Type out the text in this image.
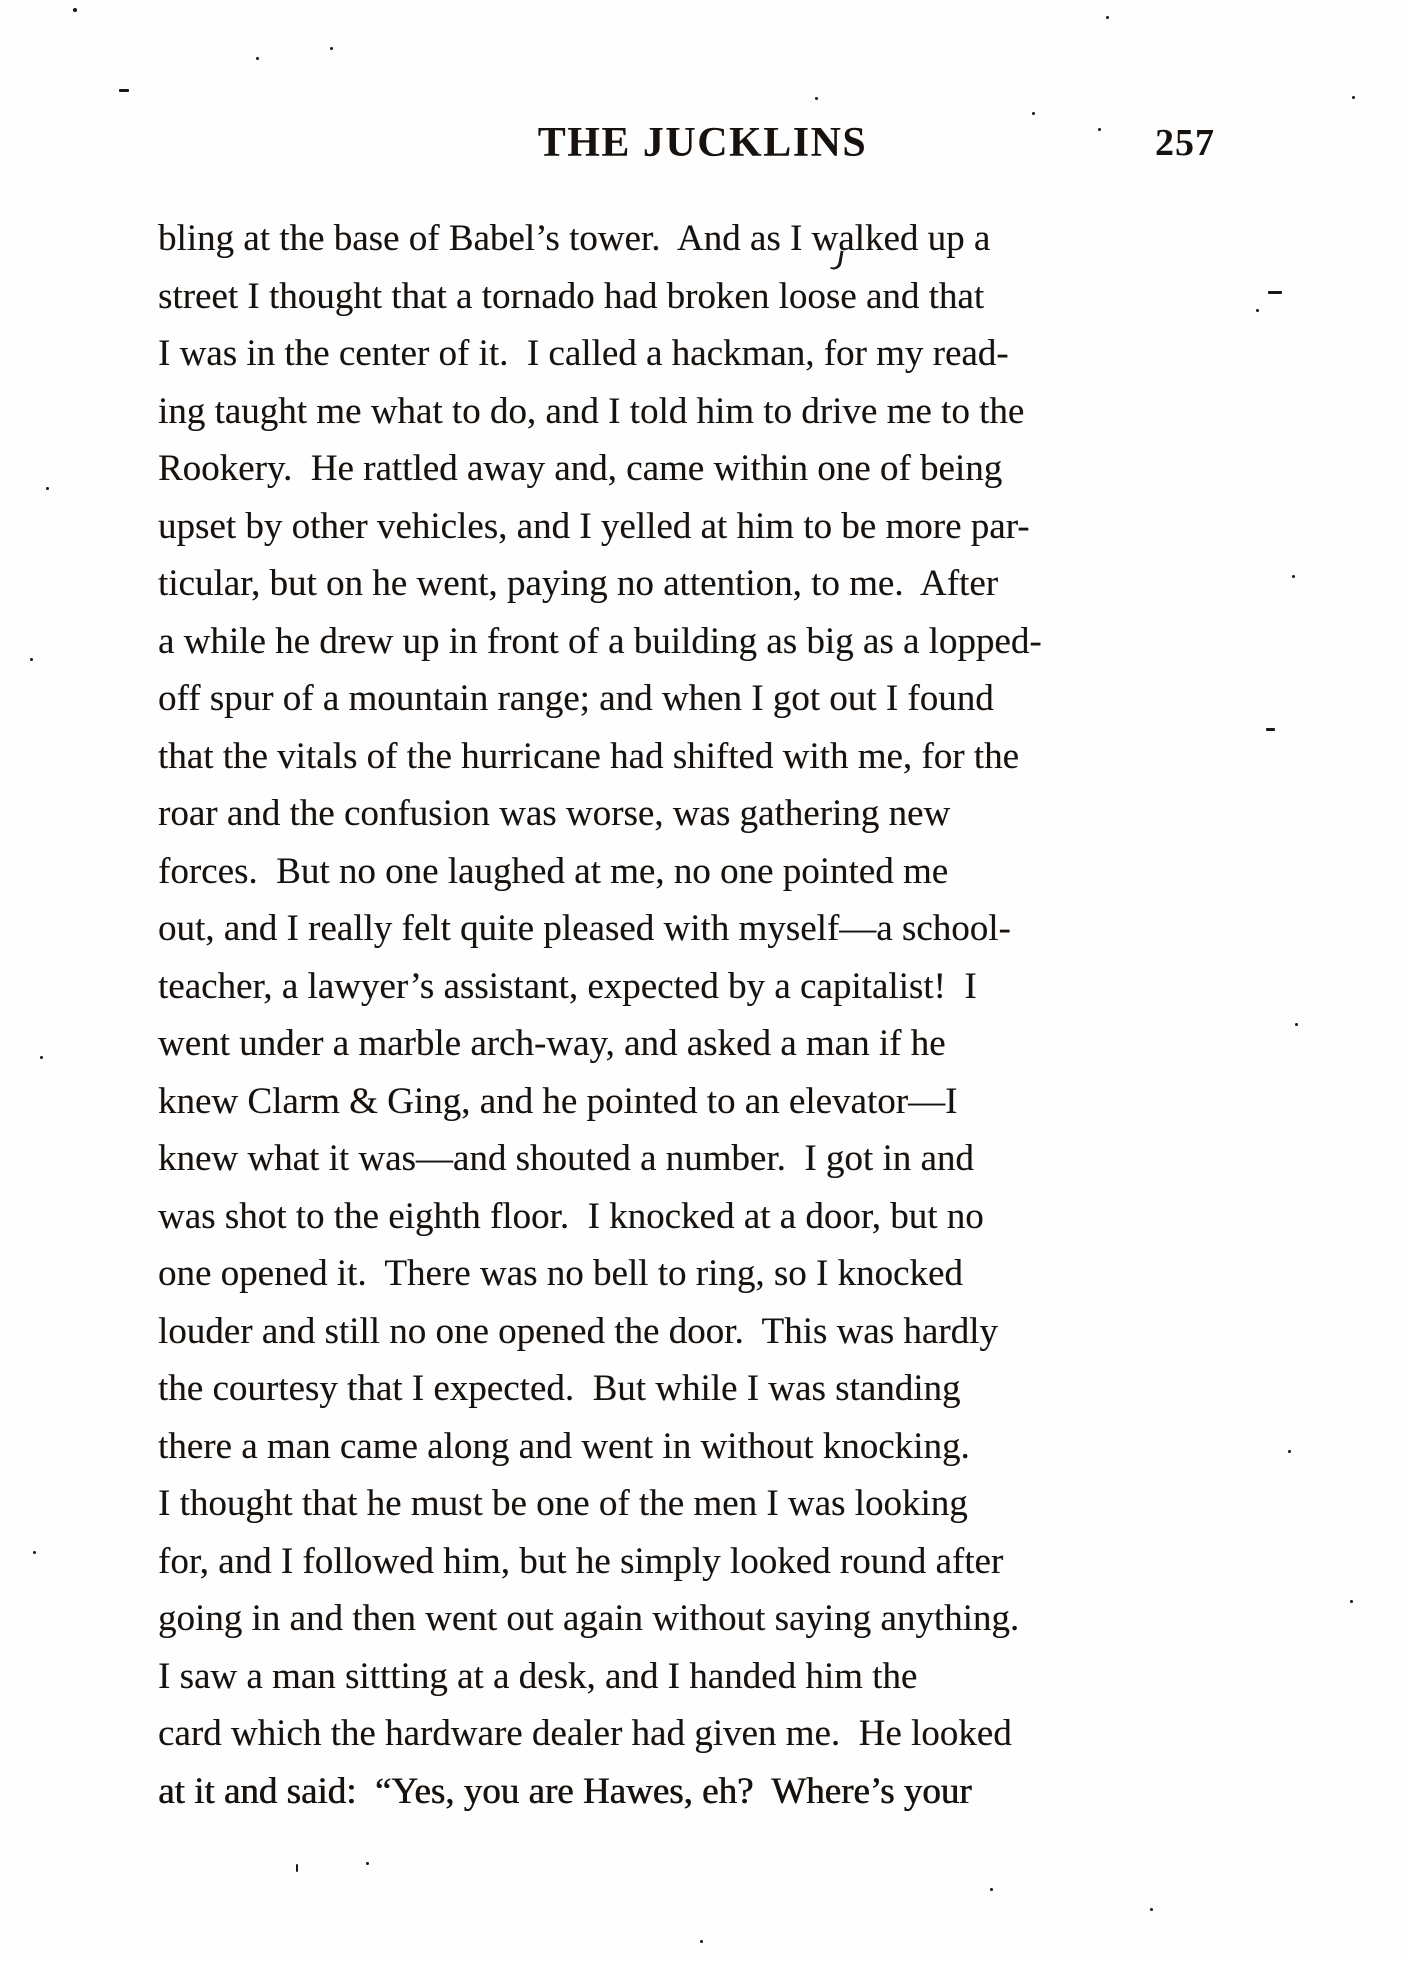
THE JUCKLINS	257
bling at the base of Babel’s tower.  And as I walked up a
street I thought that a tornado had broken loose and that
I was in the center of it.  I called a hackman, for my read-
ing taught me what to do, and I told him to drive me to the
Rookery.  He rattled away and, came within one of being
upset by other vehicles, and I yelled at him to be more par-
ticular, but on he went, paying no attention, to me.  After
a while he drew up in front of a building as big as a lopped-
off spur of a mountain range; and when I got out I found
that the vitals of the hurricane had shifted with me, for the
roar and the confusion was worse, was gathering new
forces.  But no one laughed at me, no one pointed me
out, and I really felt quite pleased with myself—a school-
teacher, a lawyer’s assistant, expected by a capitalist!  I
went under a marble arch-way, and asked a man if he
knew Clarm & Ging, and he pointed to an elevator—I
knew what it was—and shouted a number.  I got in and
was shot to the eighth floor.  I knocked at a door, but no
one opened it.  There was no bell to ring, so I knocked
louder and still no one opened the door.  This was hardly
the courtesy that I expected.  But while I was standing
there a man came along and went in without knocking.
I thought that he must be one of the men I was looking
for, and I followed him, but he simply looked round after
going in and then went out again without saying anything.
I saw a man sittting at a desk, and I handed him the
card which the hardware dealer had given me.  He looked
at it and said:  “Yes, you are Hawes, eh?  Where’s your
